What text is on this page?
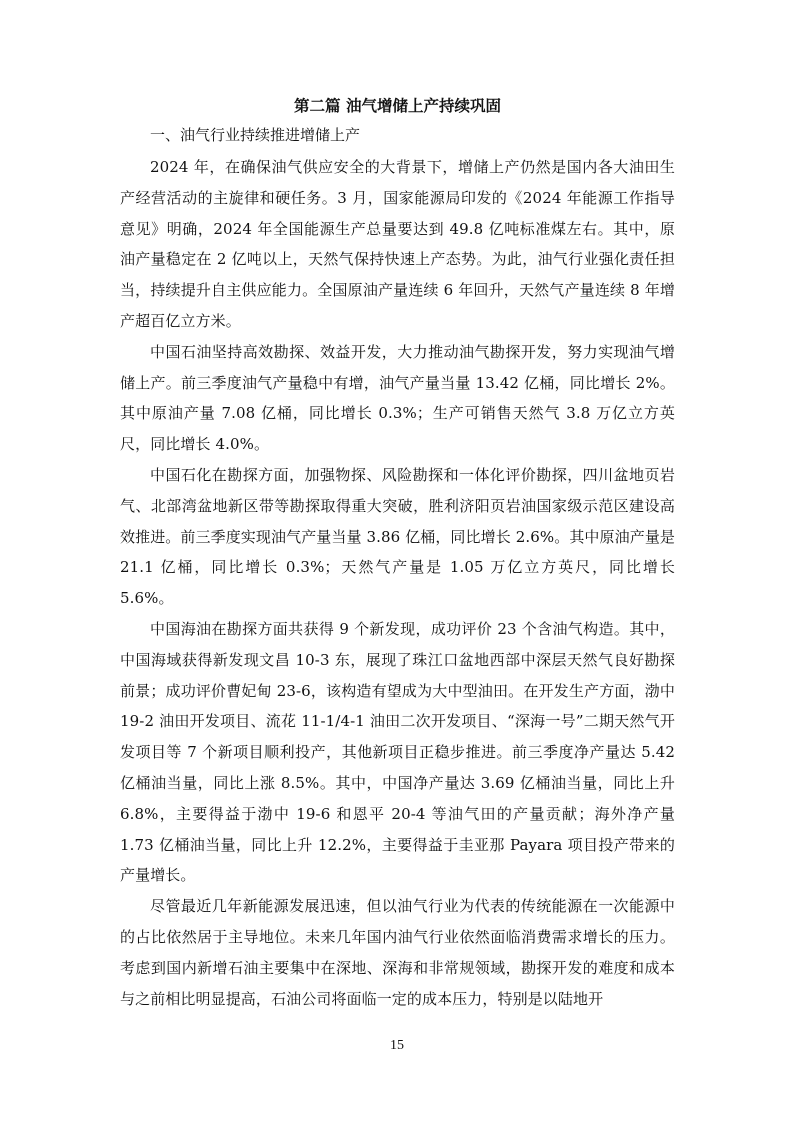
第二篇 油气增储上产持续巩固
一、油气行业持续推进增储上产

2024 年，在确保油气供应安全的大背景下，增储上产仍然是国内各大油田生产经营活动的主旋律和硬任务。3 月，国家能源局印发的《2024 年能源工作指导意见》明确，2024 年全国能源生产总量要达到 49.8 亿吨标准煤左右。其中，原油产量稳定在 2 亿吨以上，天然气保持快速上产态势。为此，油气行业强化责任担当，持续提升自主供应能力。全国原油产量连续 6 年回升，天然气产量连续 8 年增产超百亿立方米。

中国石油坚持高效勘探、效益开发，大力推动油气勘探开发，努力实现油气增储上产。前三季度油气产量稳中有增，油气产量当量 13.42 亿桶，同比增长 2%。其中原油产量 7.08 亿桶，同比增长 0.3%；生产可销售天然气 3.8 万亿立方英尺，同比增长 4.0%。

中国石化在勘探方面，加强物探、风险勘探和一体化评价勘探，四川盆地页岩气、北部湾盆地新区带等勘探取得重大突破，胜利济阳页岩油国家级示范区建设高效推进。前三季度实现油气产量当量 3.86 亿桶，同比增长 2.6%。其中原油产量是 21.1 亿桶，同比增长 0.3%；天然气产量是 1.05 万亿立方英尺，同比增长 5.6%。

中国海油在勘探方面共获得 9 个新发现，成功评价 23 个含油气构造。其中，中国海域获得新发现文昌 10-3 东，展现了珠江口盆地西部中深层天然气良好勘探前景；成功评价曹妃甸 23-6，该构造有望成为大中型油田。在开发生产方面，渤中 19-2 油田开发项目、流花 11-1/4-1 油田二次开发项目、“深海一号”二期天然气开发项目等 7 个新项目顺利投产，其他新项目正稳步推进。前三季度净产量达 5.42 亿桶油当量，同比上涨 8.5%。其中，中国净产量达 3.69 亿桶油当量，同比上升 6.8%，主要得益于渤中 19-6 和恩平 20-4 等油气田的产量贡献；海外净产量 1.73 亿桶油当量，同比上升 12.2%，主要得益于圭亚那 Payara 项目投产带来的产量增长。

尽管最近几年新能源发展迅速，但以油气行业为代表的传统能源在一次能源中的占比依然居于主导地位。未来几年国内油气行业依然面临消费需求增长的压力。考虑到国内新增石油主要集中在深地、深海和非常规领域，勘探开发的难度和成本与之前相比明显提高，石油公司将面临一定的成本压力，特别是以陆地开

15
